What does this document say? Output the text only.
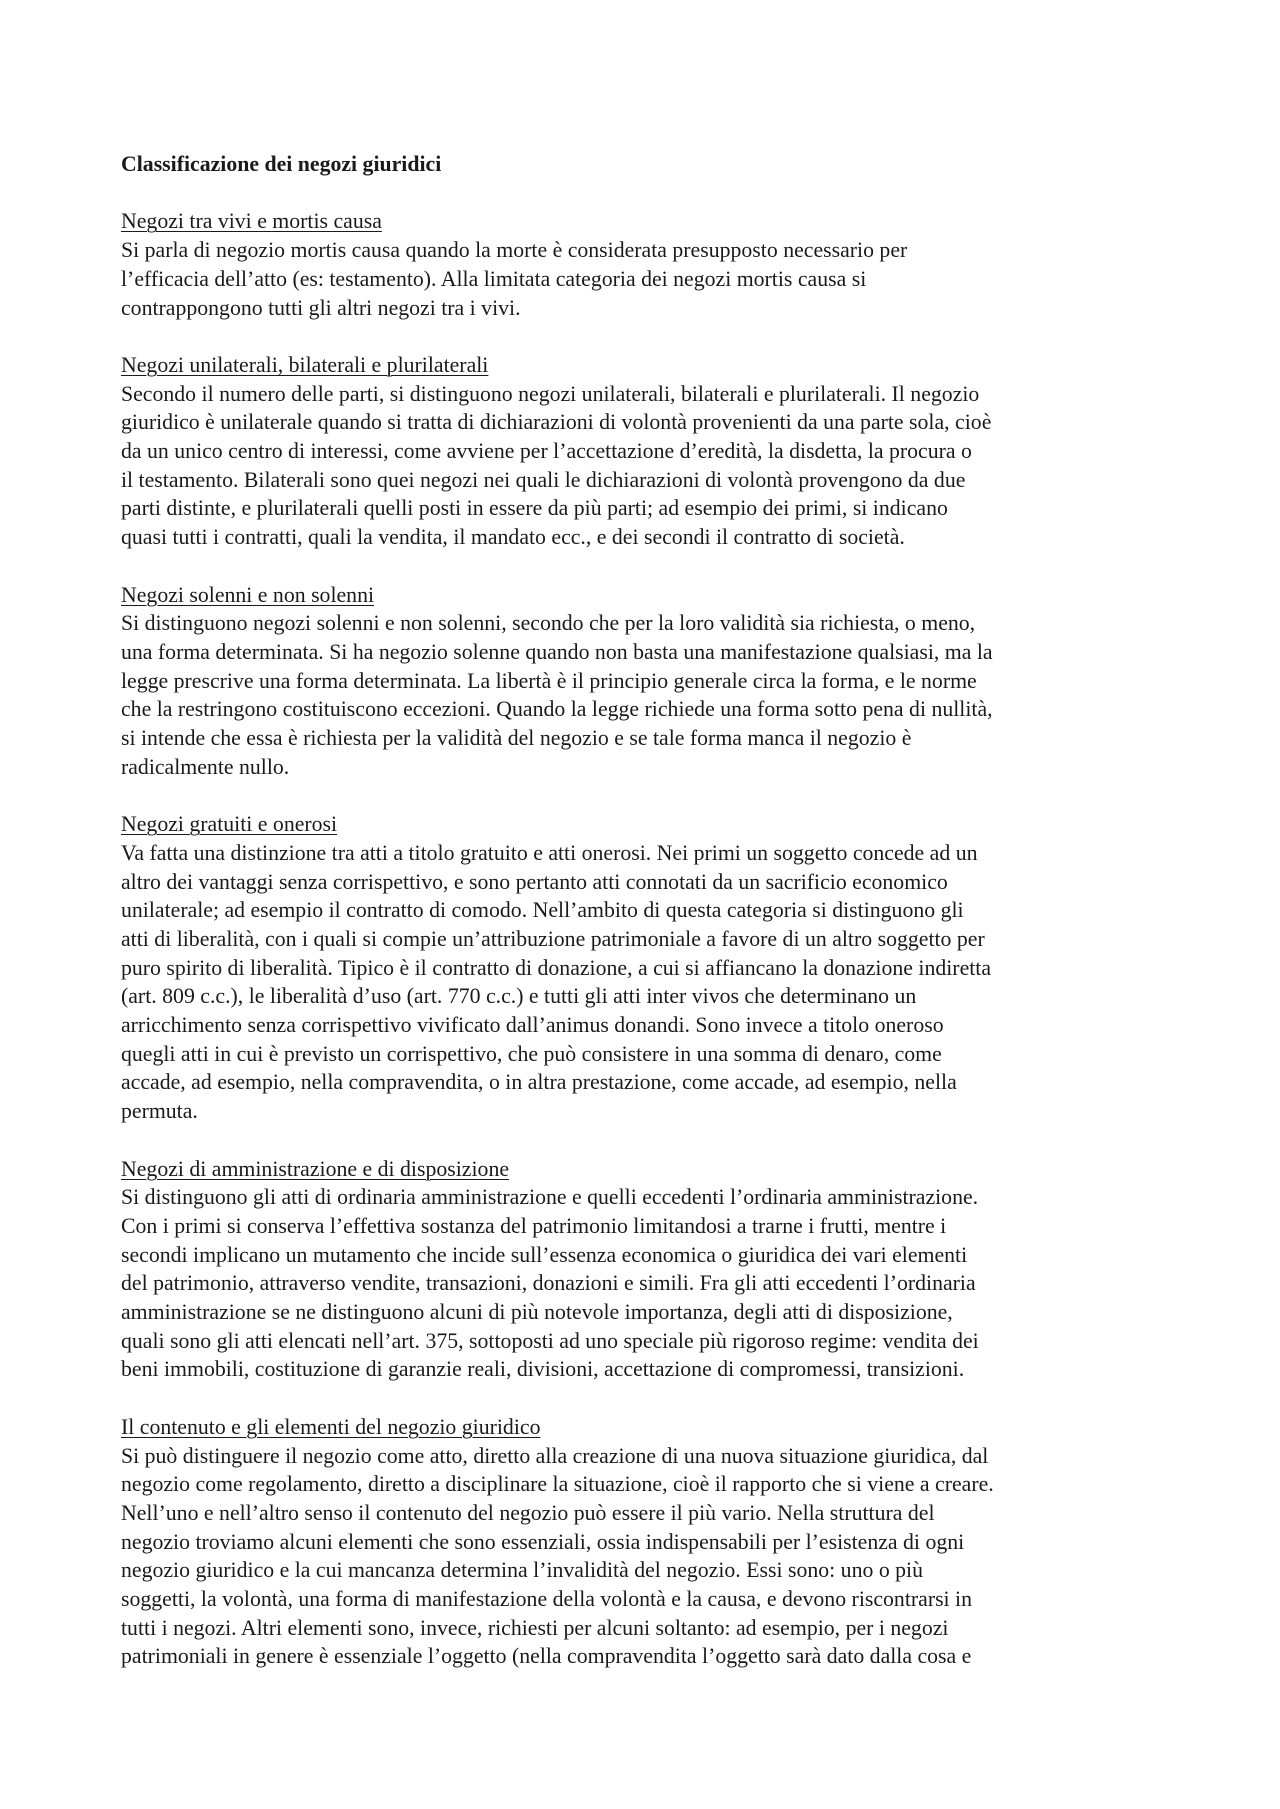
Classificazione dei negozi giuridici
Negozi tra vivi e mortis causa
Si parla di negozio mortis causa quando la morte è considerata presupposto necessario per
l’efficacia dell’atto (es: testamento). Alla limitata categoria dei negozi mortis causa si
contrappongono tutti gli altri negozi tra i vivi.
Negozi unilaterali, bilaterali e plurilaterali
Secondo il numero delle parti, si distinguono negozi unilaterali, bilaterali e plurilaterali. Il negozio
giuridico è unilaterale quando si tratta di dichiarazioni di volontà provenienti da una parte sola, cioè
da un unico centro di interessi, come avviene per l’accettazione d’eredità, la disdetta, la procura o
il testamento. Bilaterali sono quei negozi nei quali le dichiarazioni di volontà provengono da due
parti distinte, e plurilaterali quelli posti in essere da più parti; ad esempio dei primi, si indicano
quasi tutti i contratti, quali la vendita, il mandato ecc., e dei secondi il contratto di società.
Negozi solenni e non solenni
Si distinguono negozi solenni e non solenni, secondo che per la loro validità sia richiesta, o meno,
una forma determinata. Si ha negozio solenne quando non basta una manifestazione qualsiasi, ma la
legge prescrive una forma determinata. La libertà è il principio generale circa la forma, e le norme
che la restringono costituiscono eccezioni. Quando la legge richiede una forma sotto pena di nullità,
si intende che essa è richiesta per la validità del negozio e se tale forma manca il negozio è
radicalmente nullo.
Negozi gratuiti e onerosi
Va fatta una distinzione tra atti a titolo gratuito e atti onerosi. Nei primi un soggetto concede ad un
altro dei vantaggi senza corrispettivo, e sono pertanto atti connotati da un sacrificio economico
unilaterale; ad esempio il contratto di comodo. Nell’ambito di questa categoria si distinguono gli
atti di liberalità, con i quali si compie un’attribuzione patrimoniale a favore di un altro soggetto per
puro spirito di liberalità. Tipico è il contratto di donazione, a cui si affiancano la donazione indiretta
(art. 809 c.c.), le liberalità d’uso (art. 770 c.c.) e tutti gli atti inter vivos che determinano un
arricchimento senza corrispettivo vivificato dall’animus donandi. Sono invece a titolo oneroso
quegli atti in cui è previsto un corrispettivo, che può consistere in una somma di denaro, come
accade, ad esempio, nella compravendita, o in altra prestazione, come accade, ad esempio, nella
permuta.
Negozi di amministrazione e di disposizione
Si distinguono gli atti di ordinaria amministrazione e quelli eccedenti l’ordinaria amministrazione.
Con i primi si conserva l’effettiva sostanza del patrimonio limitandosi a trarne i frutti, mentre i
secondi implicano un mutamento che incide sull’essenza economica o giuridica dei vari elementi
del patrimonio, attraverso vendite, transazioni, donazioni e simili. Fra gli atti eccedenti l’ordinaria
amministrazione se ne distinguono alcuni di più notevole importanza, degli atti di disposizione,
quali sono gli atti elencati nell’art. 375, sottoposti ad uno speciale più rigoroso regime: vendita dei
beni immobili, costituzione di garanzie reali, divisioni, accettazione di compromessi, transizioni.
Il contenuto e gli elementi del negozio giuridico
Si può distinguere il negozio come atto, diretto alla creazione di una nuova situazione giuridica, dal
negozio come regolamento, diretto a disciplinare la situazione, cioè il rapporto che si viene a creare.
Nell’uno e nell’altro senso il contenuto del negozio può essere il più vario. Nella struttura del
negozio troviamo alcuni elementi che sono essenziali, ossia indispensabili per l’esistenza di ogni
negozio giuridico e la cui mancanza determina l’invalidità del negozio. Essi sono: uno o più
soggetti, la volontà, una forma di manifestazione della volontà e la causa, e devono riscontrarsi in
tutti i negozi. Altri elementi sono, invece, richiesti per alcuni soltanto: ad esempio, per i negozi
patrimoniali in genere è essenziale l’oggetto (nella compravendita l’oggetto sarà dato dalla cosa e
